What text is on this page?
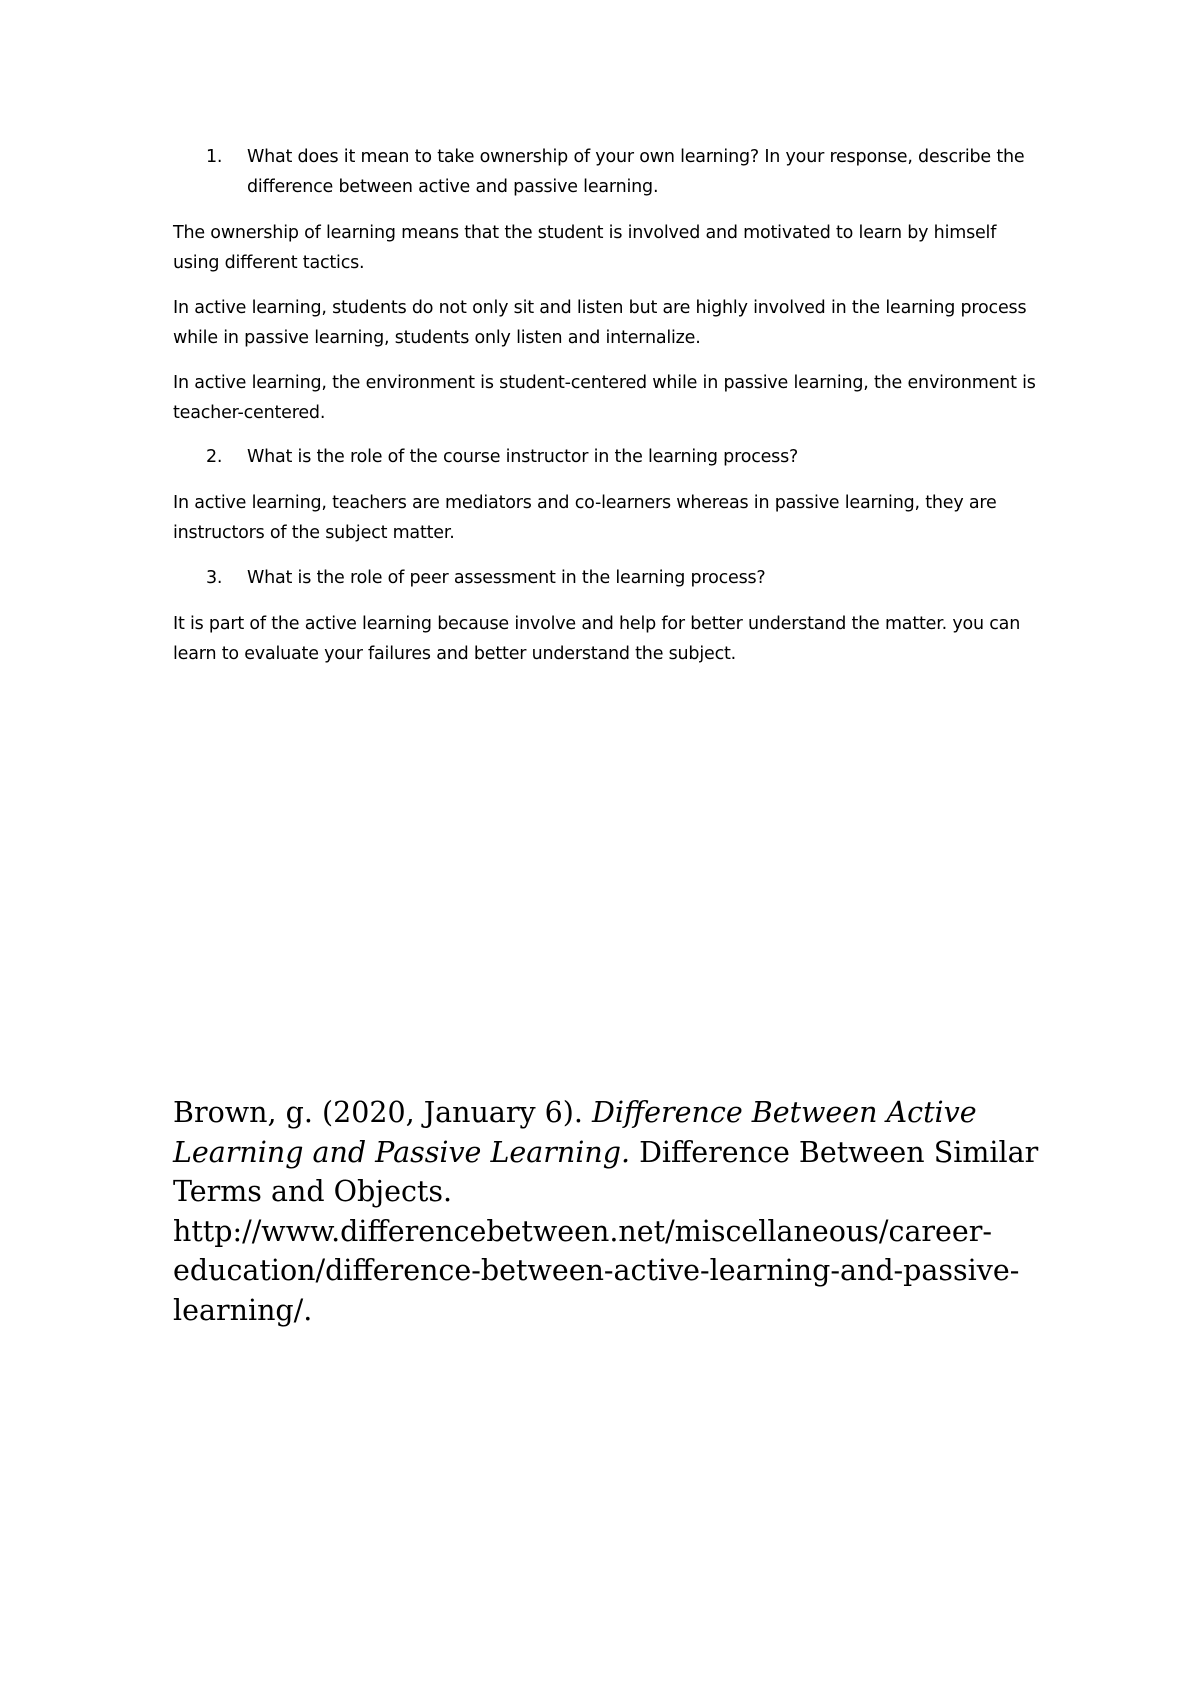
1.	What does it mean to take ownership of your own learning? In your response, describe the difference between active and passive learning.

The ownership of learning means that the student is involved and motivated to learn by himself using different tactics.

In active learning, students do not only sit and listen but are highly involved in the learning process while in passive learning, students only listen and internalize.

In active learning, the environment is student-centered while in passive learning, the environment is teacher-centered.

2.	What is the role of the course instructor in the learning process?

In active learning, teachers are mediators and co-learners whereas in passive learning, they are instructors of the subject matter.

3.	What is the role of peer assessment in the learning process?

It is part of the active learning because involve and help for better understand the matter. you can learn to evaluate your failures and better understand the subject.

Brown, g. (2020, January 6). Difference Between Active Learning and Passive Learning. Difference Between Similar Terms and Objects. http://www.differencebetween.net/miscellaneous/career-education/difference-between-active-learning-and-passive-learning/.
